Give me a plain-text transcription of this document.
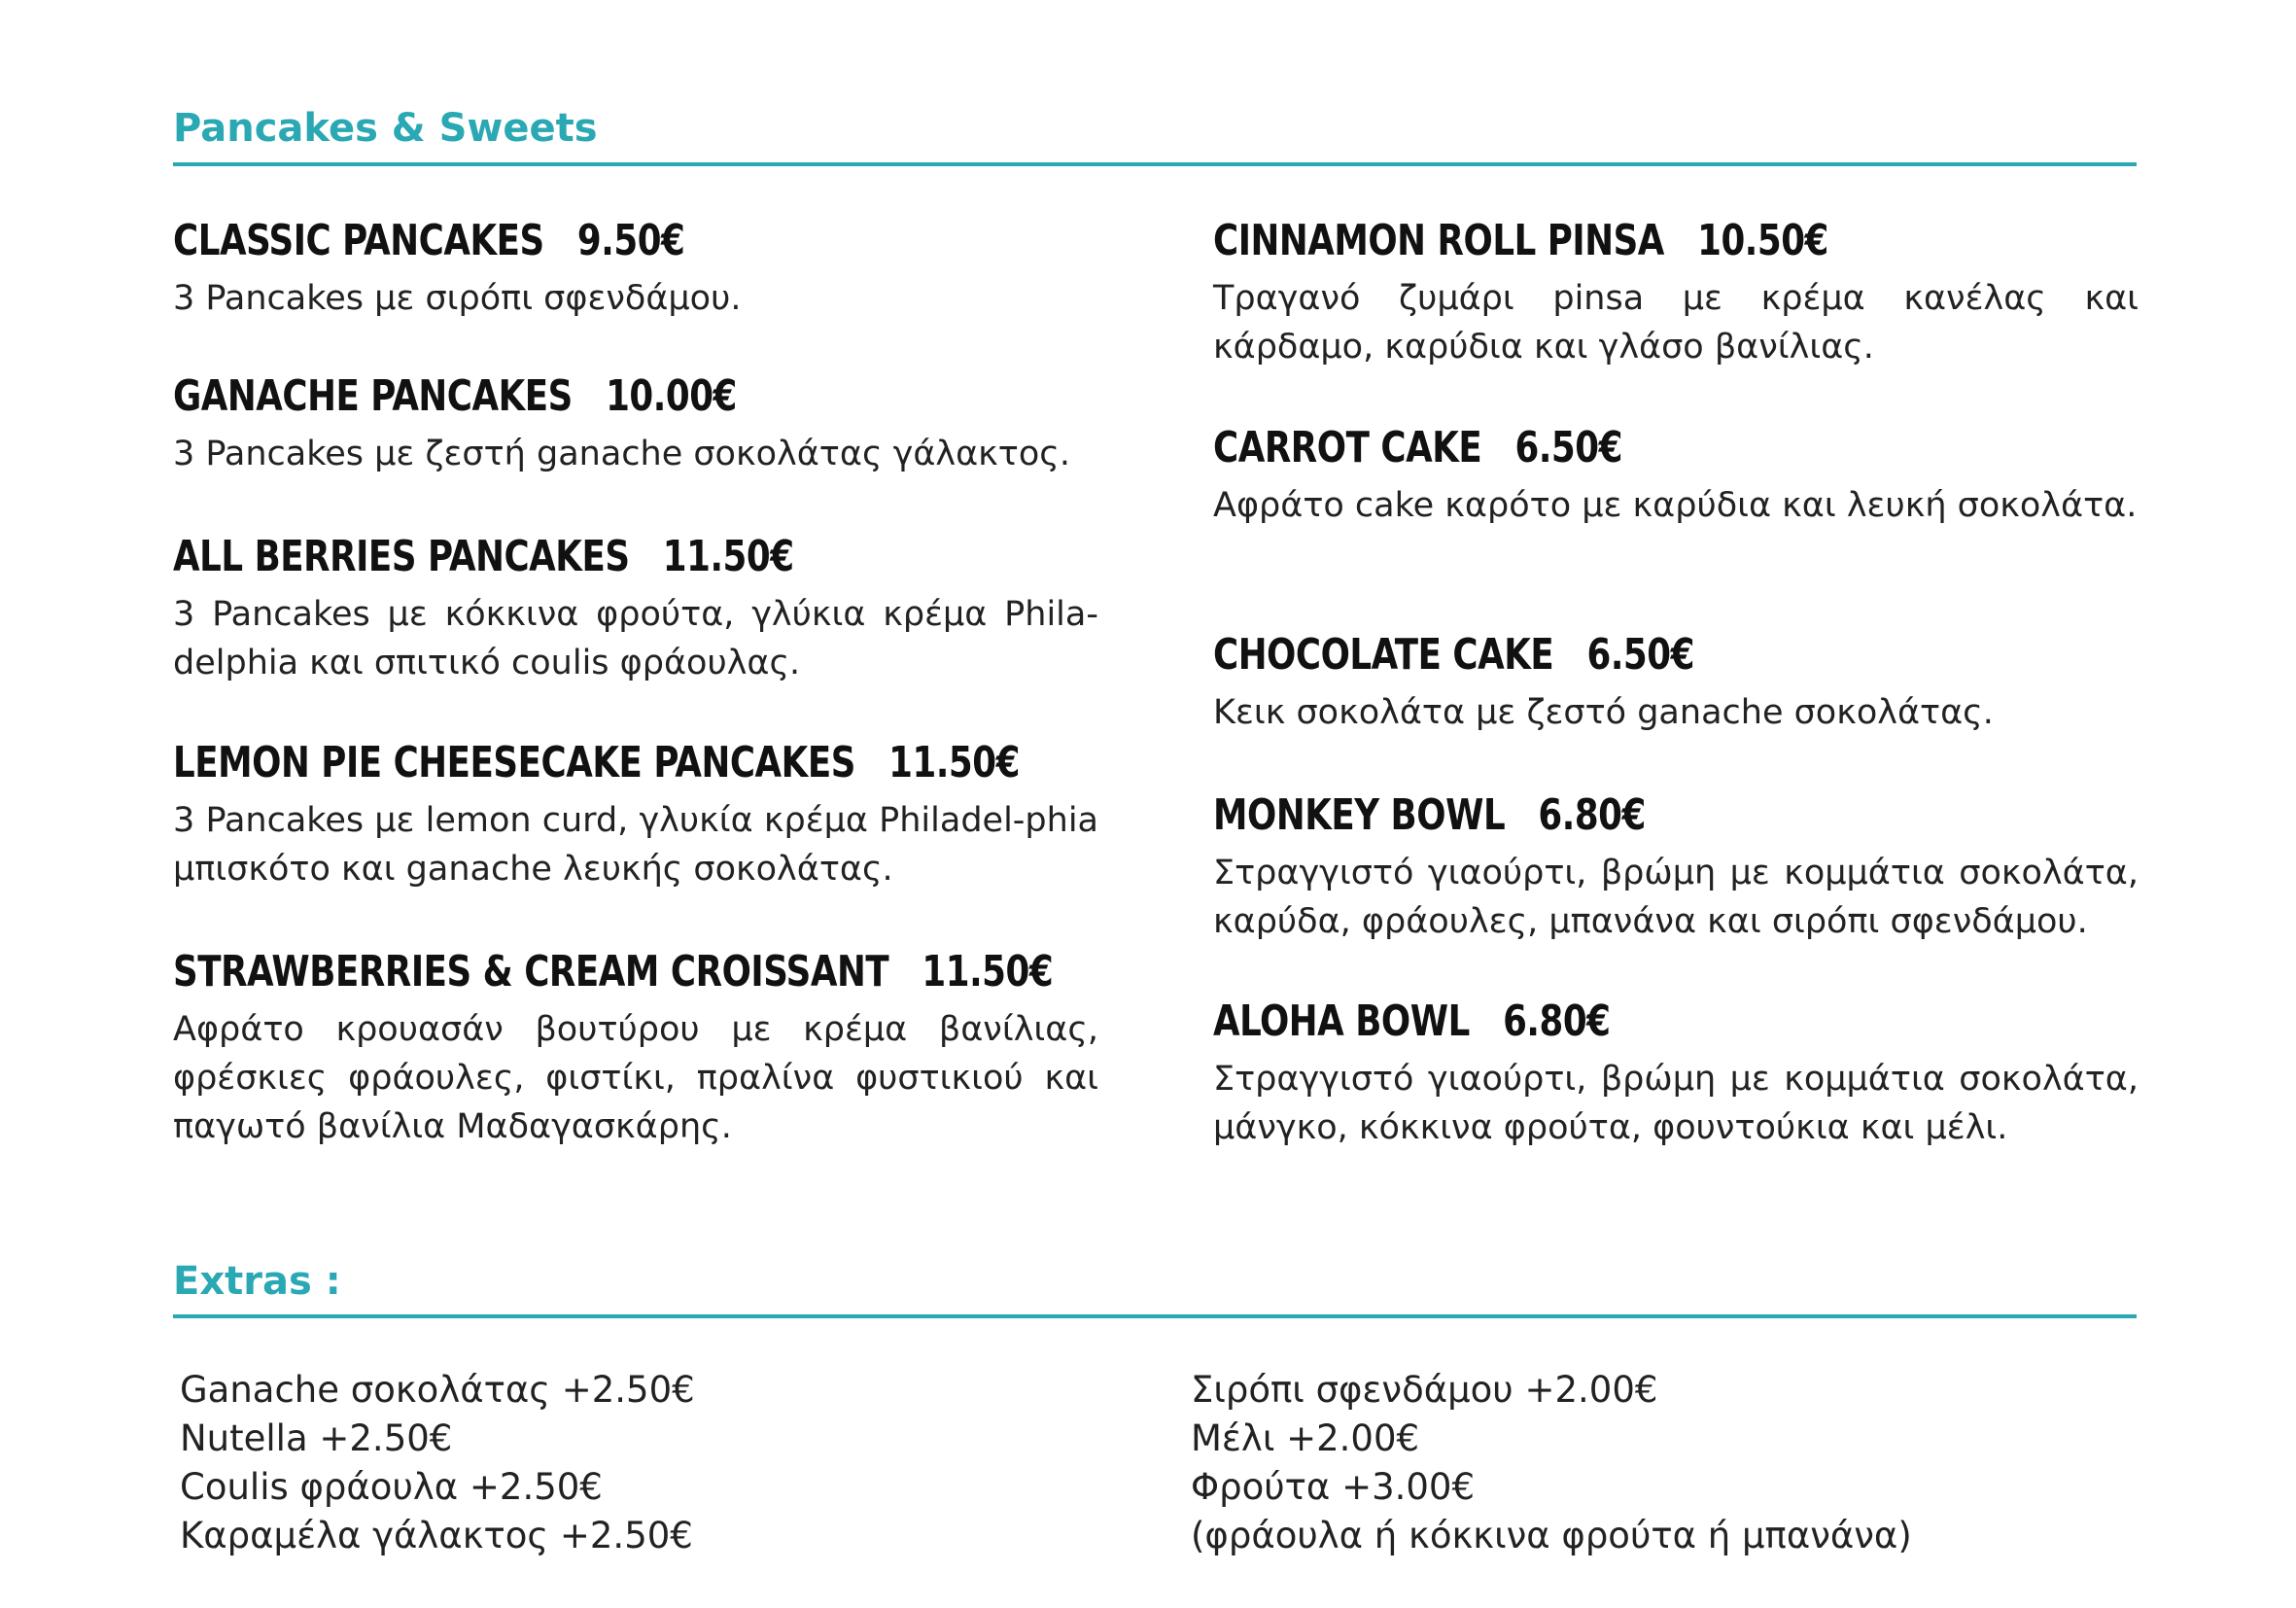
Pancakes & Sweets
CLASSIC PANCAKES 9.50€
3 Pancakes με σιρόπι σφενδάμου.
GANACHE PANCAKES 10.00€
3 Pancakes με ζεστή ganache σοκολάτας γάλακτος.
ALL BERRIES PANCAKES 11.50€
3 Pancakes με κόκκινα φρούτα, γλύκια κρέμα Phila-delphia και σπιτικό coulis φράουλας.
LEMON PIE CHEESECAKE PANCAKES 11.50€
3 Pancakes με lemon curd, γλυκία κρέμα Philadel-phia μπισκότο και ganache λευκής σοκολάτας.
STRAWBERRIES & CREAM CROISSANT 11.50€
Αφράτο κρουασάν βουτύρου με κρέμα βανίλιας, φρέσκιες φράουλες, φιστίκι, πραλίνα φυστικιού και παγωτό βανίλια Μαδαγασκάρης.
CINNAMON ROLL PINSA 10.50€
Τραγανό ζυμάρι pinsa με κρέμα κανέλας και κάρδαμο, καρύδια και γλάσο βανίλιας.
CARROT CAKE 6.50€
Αφράτο cake καρότο με καρύδια και λευκή σοκολάτα.
CHOCOLATE CAKE 6.50€
Κεικ σοκολάτα με ζεστό ganache σοκολάτας.
MONKEY BOWL 6.80€
Στραγγιστό γιαούρτι, βρώμη με κομμάτια σοκολάτα, καρύδα, φράουλες, μπανάνα και σιρόπι σφενδάμου.
ALOHA BOWL 6.80€
Στραγγιστό γιαούρτι, βρώμη με κομμάτια σοκολάτα, μάνγκο, κόκκινα φρούτα, φουντούκια και μέλι.
Extras :
Ganache σοκολάτας +2.50€
Nutella +2.50€
Coulis φράουλα +2.50€
Καραμέλα γάλακτος +2.50€
Σιρόπι σφενδάμου +2.00€
Μέλι +2.00€
Φρούτα +3.00€
(φράουλα ή κόκκινα φρούτα ή μπανάνα)
